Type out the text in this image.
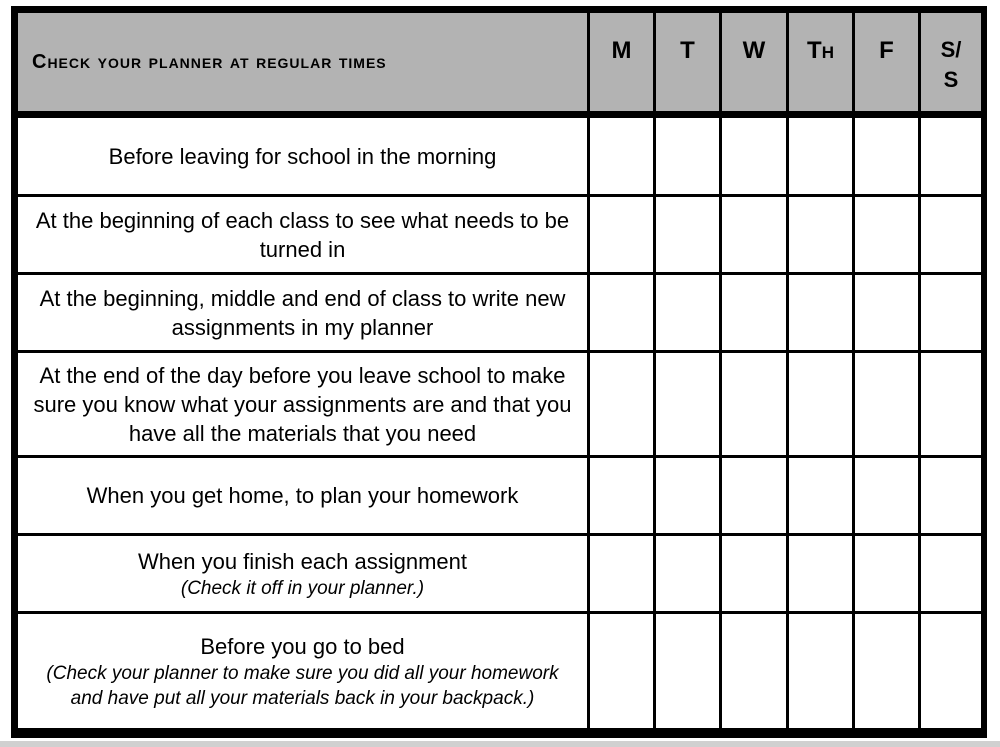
Check your planner at regular times	M	T	W	Th	F	S/ S
Before leaving for school in the morning
At the beginning of each class to see what needs to be turned in
At the beginning, middle and end of class to write new assignments in my planner
At the end of the day before you leave school to make sure you know what your assignments are and that you have all the materials that you need
When you get home, to plan your homework
When you finish each assignment
(Check it off in your planner.)
Before you go to bed
(Check your planner to make sure you did all your homework and have put all your materials back in your backpack.)
